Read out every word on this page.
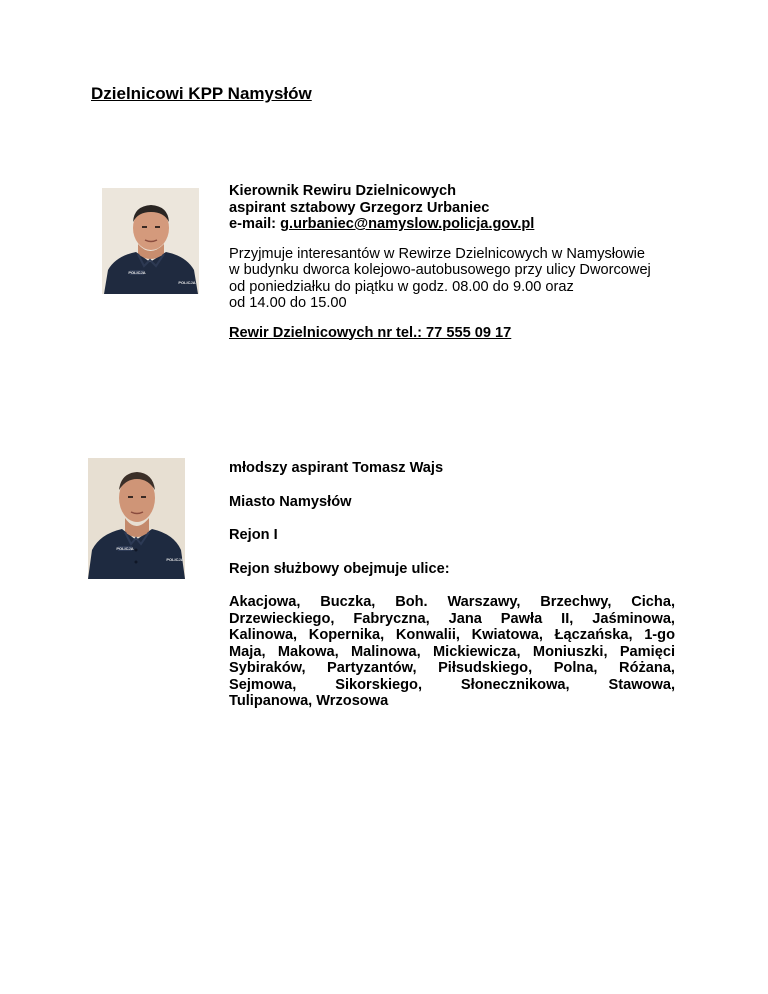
Dzielnicowi KPP Namysłów
POLICJA
POLICJA
Kierownik Rewiru Dzielnicowych
aspirant sztabowy Grzegorz Urbaniec
e-mail: g.urbaniec@namyslow.policja.gov.pl
Przyjmuje interesantów w Rewirze Dzielnicowych w Namysłowie
w budynku dworca kolejowo-autobusowego przy ulicy Dworcowej
od poniedziałku do piątku w godz. 08.00 do 9.00 oraz
od 14.00 do 15.00
Rewir Dzielnicowych nr tel.: 77 555 09 17
POLICJA
POLICJA
młodszy aspirant Tomasz Wajs
Miasto Namysłów
Rejon I
Rejon służbowy obejmuje ulice:
Akacjowa, Buczka, Boh. Warszawy, Brzechwy, Cicha,
Drzewieckiego, Fabryczna, Jana Pawła II, Jaśminowa,
Kalinowa, Kopernika, Konwalii, Kwiatowa, Łączańska, 1-go
Maja, Makowa, Malinowa, Mickiewicza, Moniuszki, Pamięci
Sybiraków, Partyzantów, Piłsudskiego, Polna, Różana,
Sejmowa, Sikorskiego, Słonecznikowa, Stawowa,
Tulipanowa, Wrzosowa
